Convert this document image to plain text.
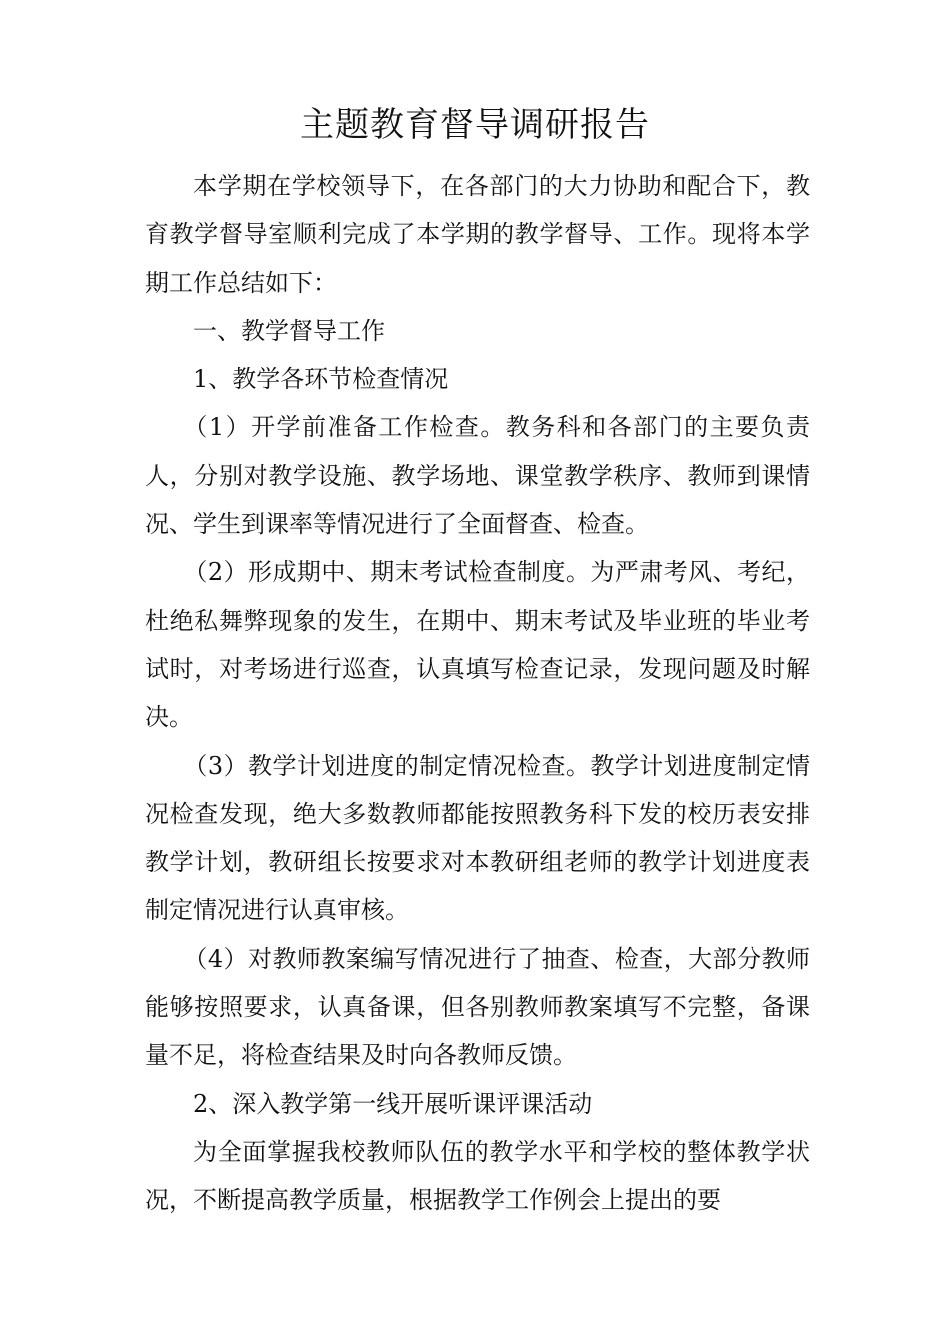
主题教育督导调研报告

本学期在学校领导下，在各部门的大力协助和配合下，教育教学督导室顺利完成了本学期的教学督导、工作。现将本学期工作总结如下：

一、教学督导工作

1、教学各环节检查情况

（1）开学前准备工作检查。教务科和各部门的主要负责人，分别对教学设施、教学场地、课堂教学秩序、教师到课情况、学生到课率等情况进行了全面督查、检查。

（2）形成期中、期末考试检查制度。为严肃考风、考纪，杜绝私舞弊现象的发生，在期中、期末考试及毕业班的毕业考试时，对考场进行巡查，认真填写检查记录，发现问题及时解决。

（3）教学计划进度的制定情况检查。教学计划进度制定情况检查发现，绝大多数教师都能按照教务科下发的校历表安排教学计划，教研组长按要求对本教研组老师的教学计划进度表制定情况进行认真审核。

（4）对教师教案编写情况进行了抽查、检查，大部分教师能够按照要求，认真备课，但各别教师教案填写不完整，备课量不足，将检查结果及时向各教师反馈。

2、深入教学第一线开展听课评课活动

为全面掌握我校教师队伍的教学水平和学校的整体教学状况，不断提高教学质量，根据教学工作例会上提出的要
